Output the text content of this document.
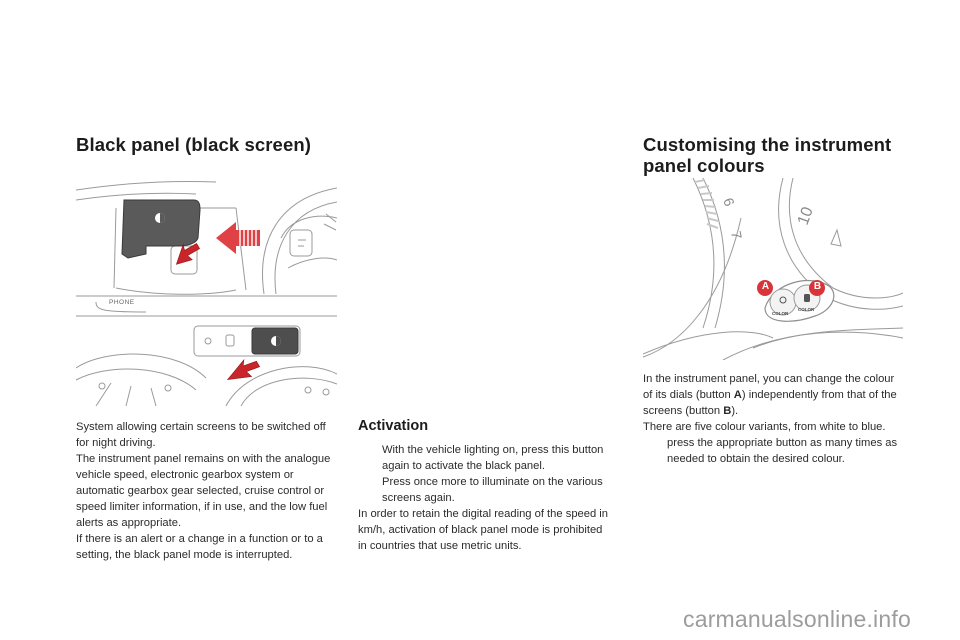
Black panel (black screen)
PHONE

System allowing certain screens to be switched off for night driving.

The instrument panel remains on with the analogue vehicle speed, electronic gearbox system or automatic gearbox gear selected, cruise control or speed limiter information, if in use, and the low fuel alerts as appropriate.

If there is an alert or a change in a function or to a setting, the black panel mode is interrupted.

Activation
With the vehicle lighting on, press this button again to activate the black panel.
Press once more to illuminate on the various screens again.

In order to retain the digital reading of the speed in km/h, activation of black panel mode is prohibited in countries that use metric units.

Customising the instrument panel colours
6
7
10
A	B
COLOR
COLOR

In the instrument panel, you can change the colour of its dials (button A) independently from that of the screens (button B).

There are five colour variants, from white to blue.

press the appropriate button as many times as needed to obtain the desired colour.
carmanualsonline.info
